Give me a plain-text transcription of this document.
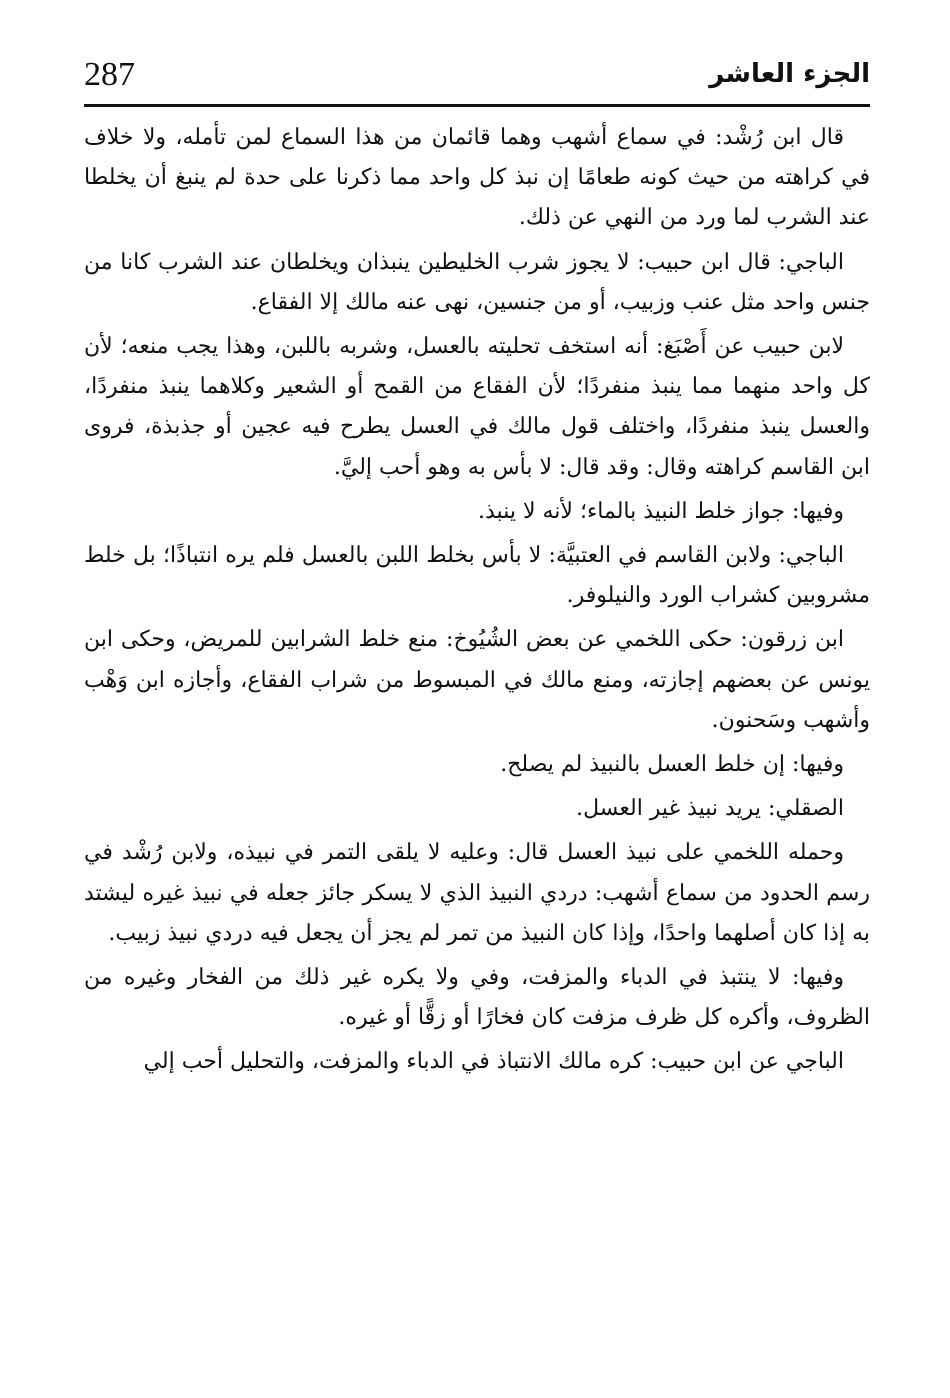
287	الجزء العاشر

قال ابن رُشْد: في سماع أشهب وهما قائمان من هذا السماع لمن تأمله، ولا خلاف في كراهته من حيث كونه طعامًا إن نبذ كل واحد مما ذكرنا على حدة لم ينبغ أن يخلطا عند الشرب لما ورد من النهي عن ذلك.

الباجي: قال ابن حبيب: لا يجوز شرب الخليطين ينبذان ويخلطان عند الشرب كانا من جنس واحد مثل عنب وزبيب، أو من جنسين، نهى عنه مالك إلا الفقاع.

لابن حبيب عن أَصْبَغ: أنه استخف تحليته بالعسل، وشربه باللبن، وهذا يجب منعه؛ لأن كل واحد منهما مما ينبذ منفردًا؛ لأن الفقاع من القمح أو الشعير وكلاهما ينبذ منفردًا، والعسل ينبذ منفردًا، واختلف قول مالك في العسل يطرح فيه عجين أو جذبذة، فروى ابن القاسم كراهته وقال: وقد قال: لا بأس به وهو أحب إليَّ.

وفيها: جواز خلط النبيذ بالماء؛ لأنه لا ينبذ.

الباجي: ولابن القاسم في العتبيَّة: لا بأس بخلط اللبن بالعسل فلم يره انتباذًا؛ بل خلط مشروبين كشراب الورد والنيلوفر.

ابن زرقون: حكى اللخمي عن بعض الشُيُوخ: منع خلط الشرابين للمريض، وحكى ابن يونس عن بعضهم إجازته، ومنع مالك في المبسوط من شراب الفقاع، وأجازه ابن وَهْب وأشهب وسَحنون.

وفيها: إن خلط العسل بالنبيذ لم يصلح.

الصقلي: يريد نبيذ غير العسل.

وحمله اللخمي على نبيذ العسل قال: وعليه لا يلقى التمر في نبيذه، ولابن رُشْد في رسم الحدود من سماع أشهب: دردي النبيذ الذي لا يسكر جائز جعله في نبيذ غيره ليشتد به إذا كان أصلهما واحدًا، وإذا كان النبيذ من تمر لم يجز أن يجعل فيه دردي نبيذ زبيب.

وفيها: لا ينتبذ في الدباء والمزفت، وفي ولا يكره غير ذلك من الفخار وغيره من الظروف، وأكره كل ظرف مزفت كان فخارًا أو زقًّا أو غيره.

الباجي عن ابن حبيب: كره مالك الانتباذ في الدباء والمزفت، والتحليل أحب إلي
